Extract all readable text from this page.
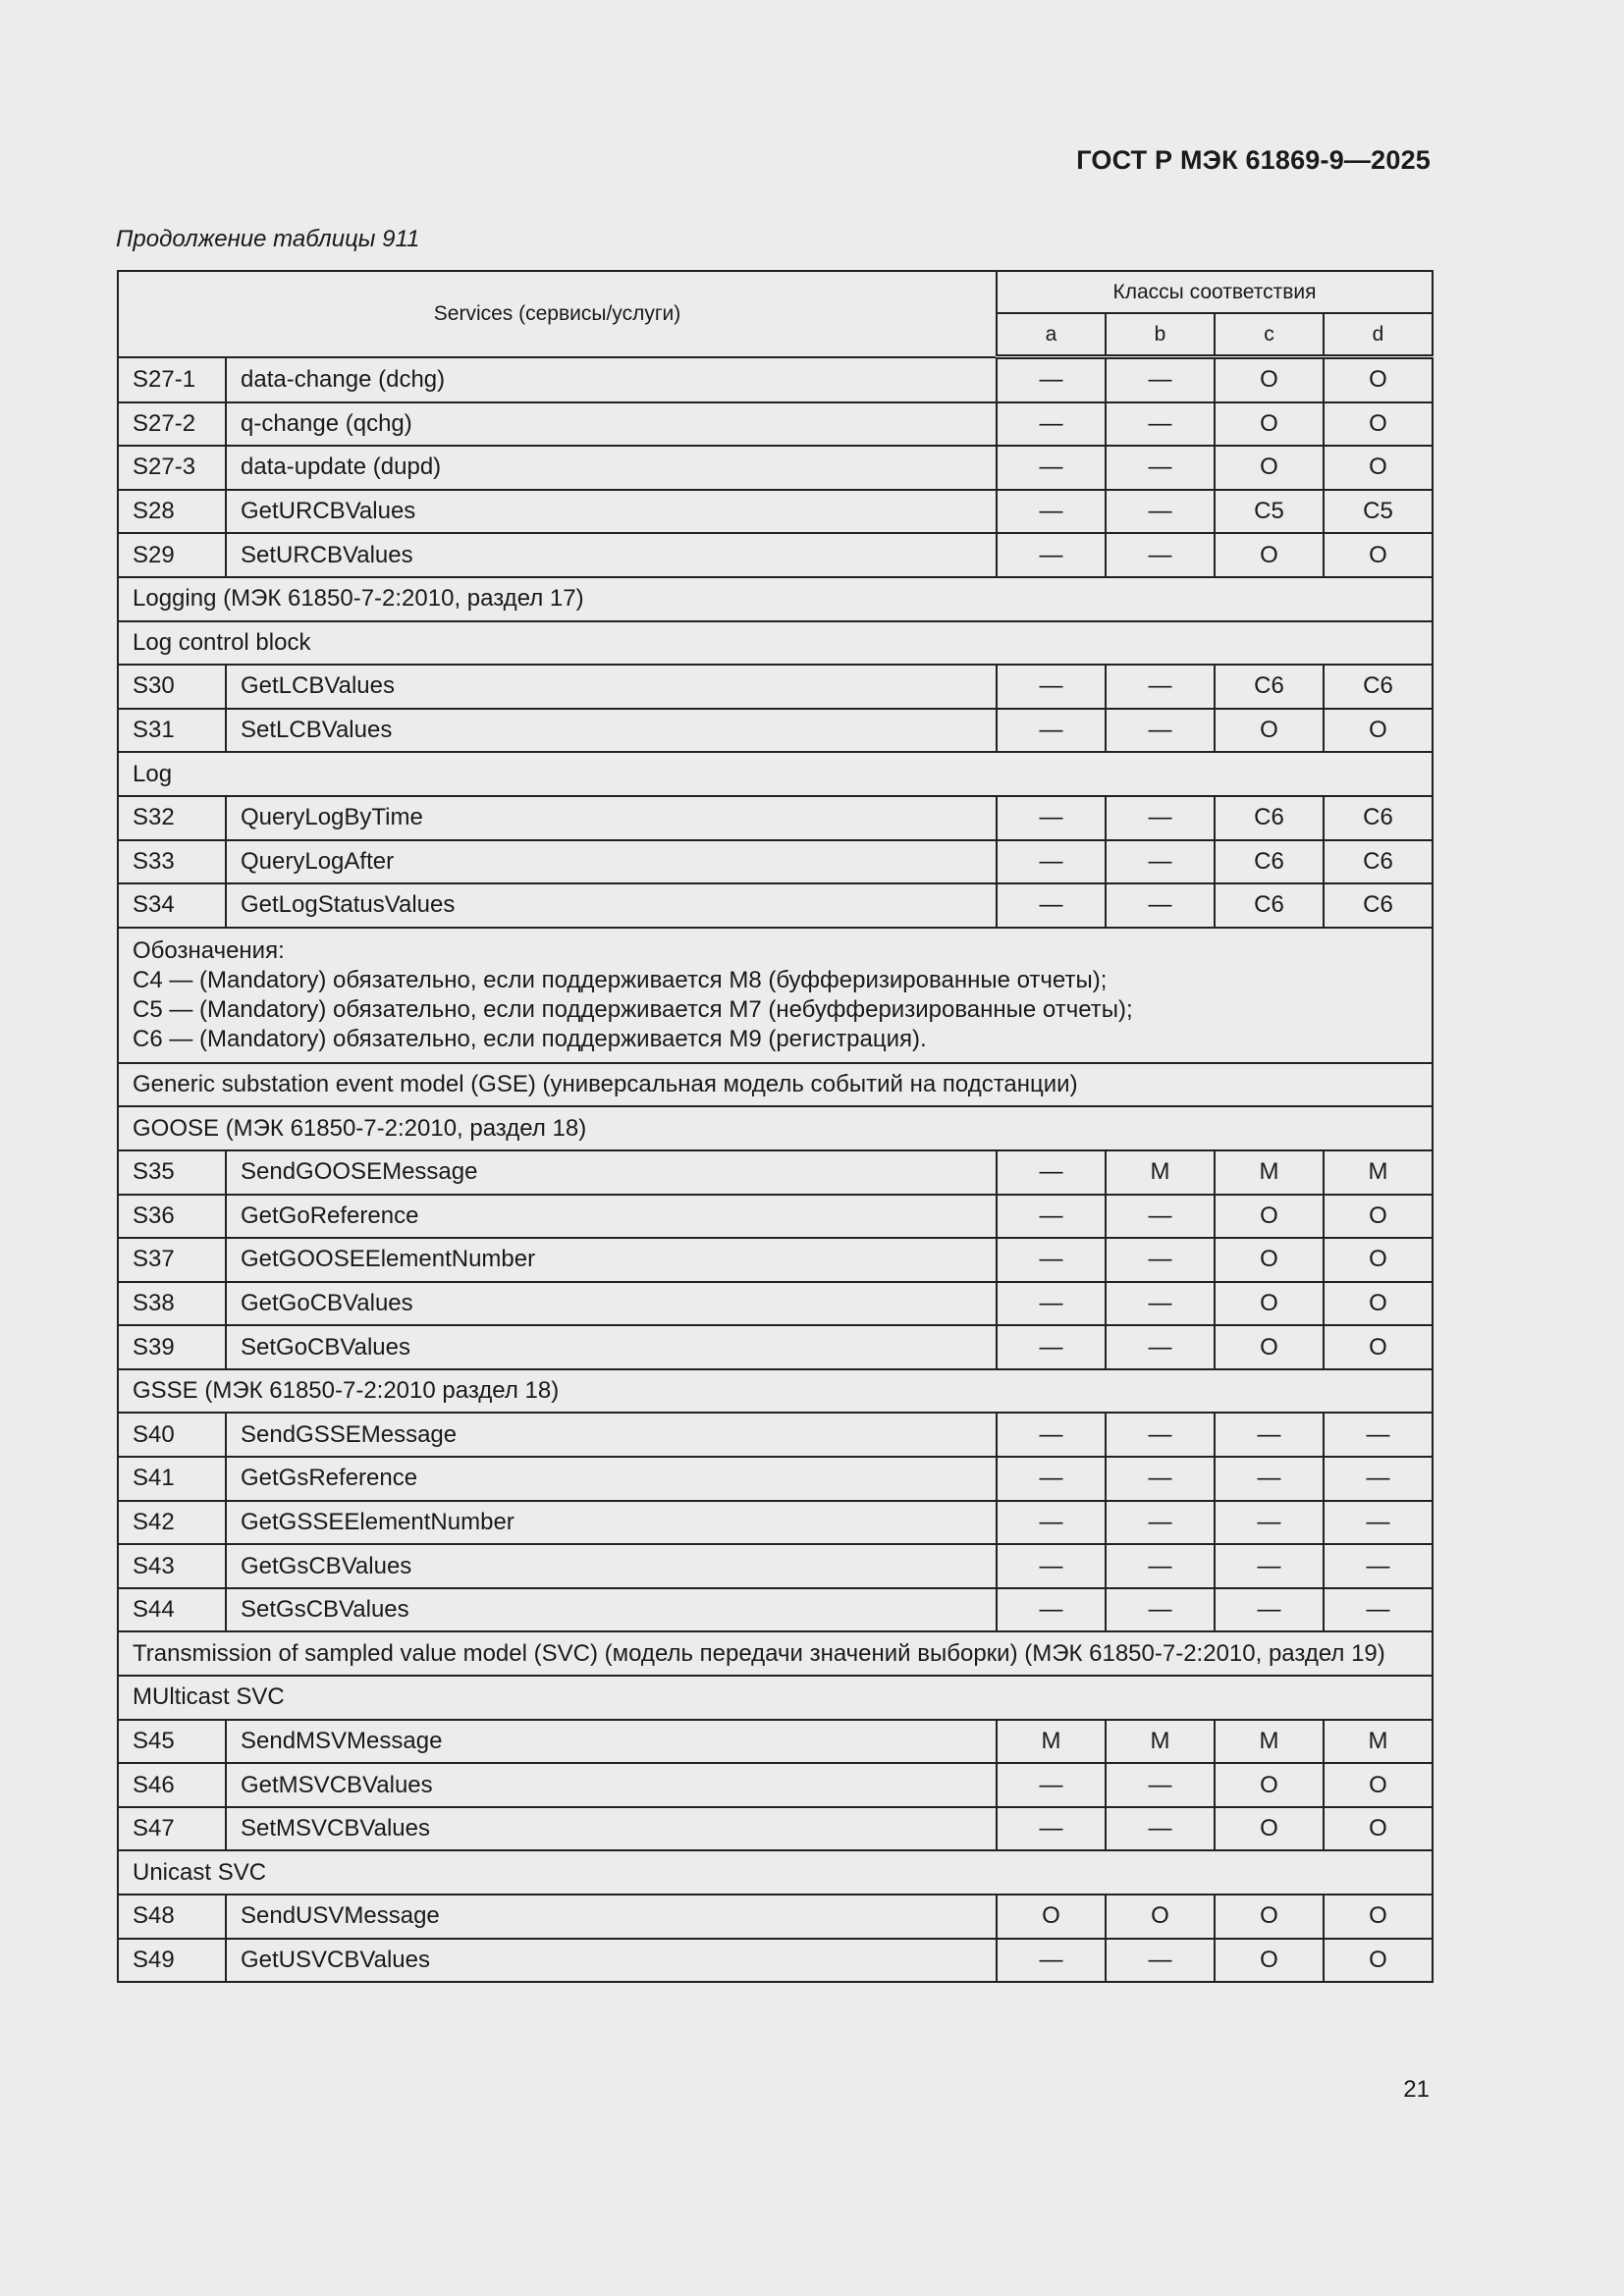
ГОСТ Р МЭК 61869-9—2025
Продолжение таблицы 911
Services (сервисы/услуги)		Классы соответствия			
		a	b	c	d
S27-1	data-change (dchg)	—	—	O	O
S27-2	q-change (qchg)	—	—	O	O
S27-3	data-update (dupd)	—	—	O	O
S28	GetURCBValues	—	—	C5	C5
S29	SetURCBValues	—	—	O	O
Logging (МЭК 61850-7-2:2010, раздел 17)					
Log control block					
S30	GetLCBValues	—	—	C6	C6
S31	SetLCBValues	—	—	O	O
Log					
S32	QueryLogByTime	—	—	C6	C6
S33	QueryLogAfter	—	—	C6	C6
S34	GetLogStatusValues	—	—	C6	C6

Обозначения:
C4 — (Mandatory) обязательно, если поддерживается M8 (буфферизированные отчеты);
C5 — (Mandatory) обязательно, если поддерживается M7 (небуфферизированные отчеты);
C6 — (Mandatory) обязательно, если поддерживается M9 (регистрация).					

Generic substation event model (GSE) (универсальная модель событий на подстанции)					
GOOSE (МЭК 61850-7-2:2010, раздел 18)					
S35	SendGOOSEMessage	—	M	M	M
S36	GetGoReference	—	—	O	O
S37	GetGOOSEElementNumber	—	—	O	O
S38	GetGoCBValues	—	—	O	O
S39	SetGoCBValues	—	—	O	O
GSSE (МЭК 61850-7-2:2010 раздел 18)					
S40	SendGSSEMessage	—	—	—	—
S41	GetGsReference	—	—	—	—
S42	GetGSSEElementNumber	—	—	—	—
S43	GetGsCBValues	—	—	—	—
S44	SetGsCBValues	—	—	—	—
Transmission of sampled value model (SVC) (модель передачи значений выборки) (МЭК 61850-7-2:2010, раздел 19)					
MUlticast SVC					
S45	SendMSVMessage	M	M	M	M
S46	GetMSVCBValues	—	—	O	O
S47	SetMSVCBValues	—	—	O	O
Unicast SVC					
S48	SendUSVMessage	O	O	O	O
S49	GetUSVCBValues	—	—	O	O
21
